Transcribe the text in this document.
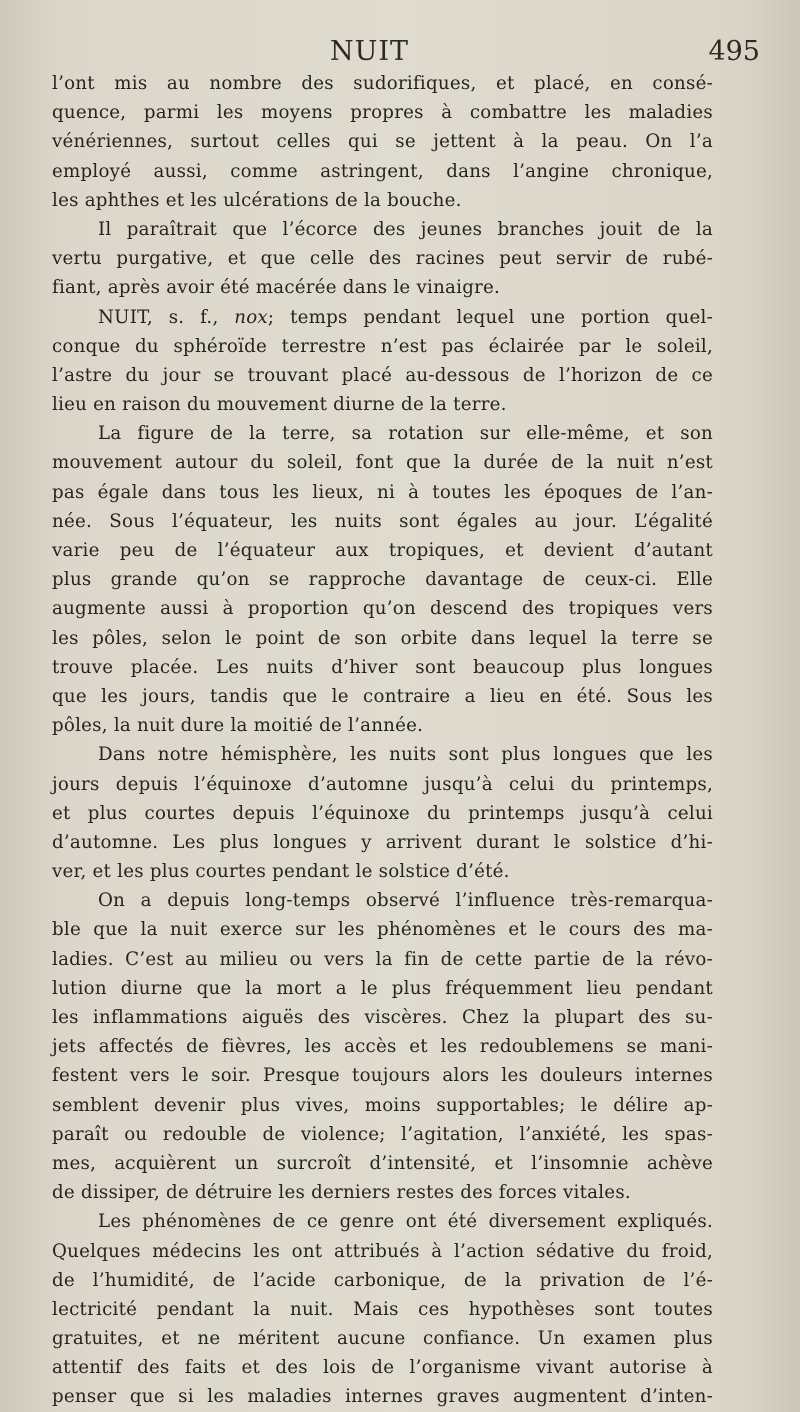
NUIT	495
l’ont mis au nombre des sudorifiques, et placé, en consé-
quence, parmi les moyens propres à combattre les maladies
vénériennes, surtout celles qui se jettent à la peau. On l’a
employé aussi, comme astringent, dans l’angine chronique,
les aphthes et les ulcérations de la bouche.
Il paraîtrait que l’écorce des jeunes branches jouit de la
vertu purgative, et que celle des racines peut servir de rubé-
fiant, après avoir été macérée dans le vinaigre.
NUIT, s. f., nox; temps pendant lequel une portion quel-
conque du sphéroïde terrestre n’est pas éclairée par le soleil,
l’astre du jour se trouvant placé au-dessous de l’horizon de ce
lieu en raison du mouvement diurne de la terre.
La figure de la terre, sa rotation sur elle-même, et son
mouvement autour du soleil, font que la durée de la nuit n’est
pas égale dans tous les lieux, ni à toutes les époques de l’an-
née. Sous l’équateur, les nuits sont égales au jour. L’égalité
varie peu de l’équateur aux tropiques, et devient d’autant
plus grande qu’on se rapproche davantage de ceux-ci. Elle
augmente aussi à proportion qu’on descend des tropiques vers
les pôles, selon le point de son orbite dans lequel la terre se
trouve placée. Les nuits d’hiver sont beaucoup plus longues
que les jours, tandis que le contraire a lieu en été. Sous les
pôles, la nuit dure la moitié de l’année.
Dans notre hémisphère, les nuits sont plus longues que les
jours depuis l’équinoxe d’automne jusqu’à celui du printemps,
et plus courtes depuis l’équinoxe du printemps jusqu’à celui
d’automne. Les plus longues y arrivent durant le solstice d’hi-
ver, et les plus courtes pendant le solstice d’été.
On a depuis long-temps observé l’influence très-remarqua-
ble que la nuit exerce sur les phénomènes et le cours des ma-
ladies. C’est au milieu ou vers la fin de cette partie de la révo-
lution diurne que la mort a le plus fréquemment lieu pendant
les inflammations aiguës des viscères. Chez la plupart des su-
jets affectés de fièvres, les accès et les redoublemens se mani-
festent vers le soir. Presque toujours alors les douleurs internes
semblent devenir plus vives, moins supportables; le délire ap-
paraît ou redouble de violence; l’agitation, l’anxiété, les spas-
mes, acquièrent un surcroît d’intensité, et l’insomnie achève
de dissiper, de détruire les derniers restes des forces vitales.
Les phénomènes de ce genre ont été diversement expliqués.
Quelques médecins les ont attribués à l’action sédative du froid,
de l’humidité, de l’acide carbonique, de la privation de l’é-
lectricité pendant la nuit. Mais ces hypothèses sont toutes
gratuites, et ne méritent aucune confiance. Un examen plus
attentif des faits et des lois de l’organisme vivant autorise à
penser que si les maladies internes graves augmentent d’inten-
